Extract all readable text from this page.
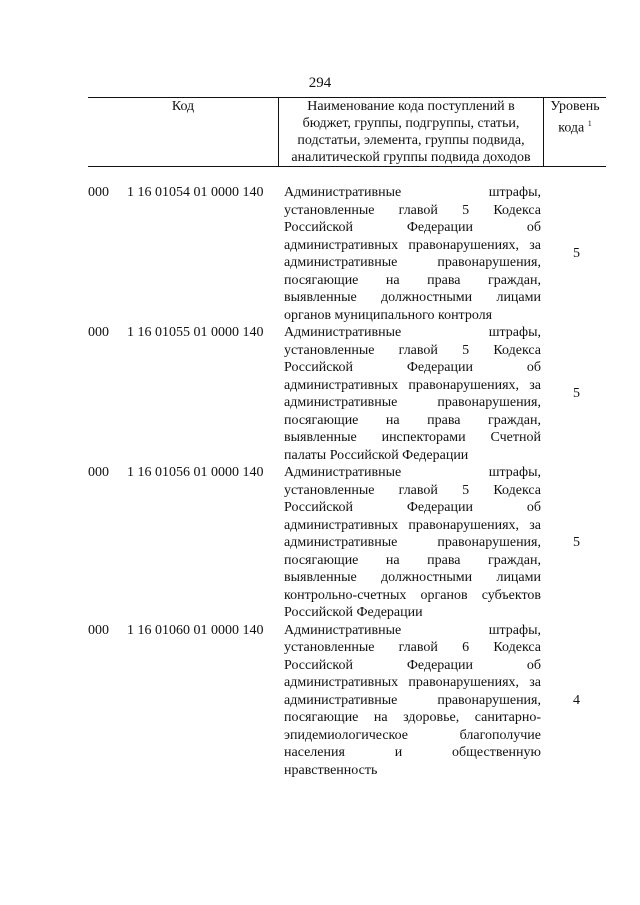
294
Код	Наименование кода поступлений в
бюджет, группы, подгруппы, статьи,
подстатьи, элемента, группы подвида,
аналитической группы подвида доходов
Уровень
кода $^1$
000 1 16 01054 01 0000 140 Административные штрафы,
установленные главой 5 Кодекса
Российской Федерации об
административных правонарушениях, за
административные правонарушения,
посягающие на права граждан,
выявленные должностными лицами
органов муниципального контроля
5
000 1 16 01055 01 0000 140 Административные штрафы,
установленные главой 5 Кодекса
Российской Федерации об
административных правонарушениях, за
административные правонарушения,
посягающие на права граждан,
выявленные инспекторами Счетной
палаты Российской Федерации
5
000 1 16 01056 01 0000 140 Административные штрафы,
установленные главой 5 Кодекса
Российской Федерации об
административных правонарушениях, за
административные правонарушения,
посягающие на права граждан,
выявленные должностными лицами
контрольно-счетных органов субъектов
Российской Федерации
5
000 1 16 01060 01 0000 140 Административные штрафы,
установленные главой 6 Кодекса
Российской Федерации об
административных правонарушениях, за
административные правонарушения,
посягающие на здоровье, санитарно-
эпидемиологическое благополучие
населения и общественную
нравственность
4
